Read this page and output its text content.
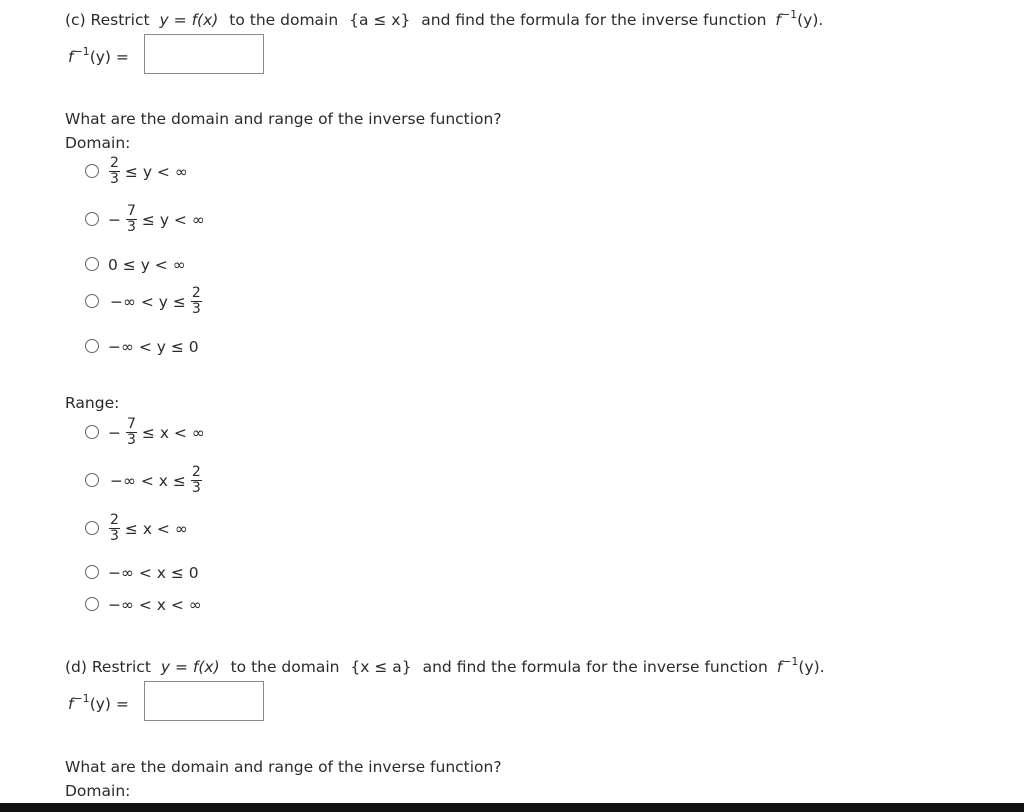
(c) Restrict y = f(x) to the domain {a ≤ x} and find the formula for the inverse function $f^{-1}(y)$.
$f^{-1}(y)$ =
What are the domain and range of the inverse function?
Domain:
$\frac{2}{3} \le y$ < ∞
− $\frac{7}{3} \le y$ < ∞
0 ≤ y < ∞
−∞ < $y \le \frac{2}{3}$
−∞ < y ≤ 0
Range:
− $\frac{7}{3} \le x$ < ∞
−∞ < $x \le \frac{2}{3}$
$\frac{2}{3} \le x$ < ∞
−∞ < x ≤ 0
−∞ < x < ∞
(d) Restrict y = f(x) to the domain {x ≤ a} and find the formula for the inverse function $f^{-1}(y)$.
$f^{-1}(y)$ =
What are the domain and range of the inverse function?
Domain:
